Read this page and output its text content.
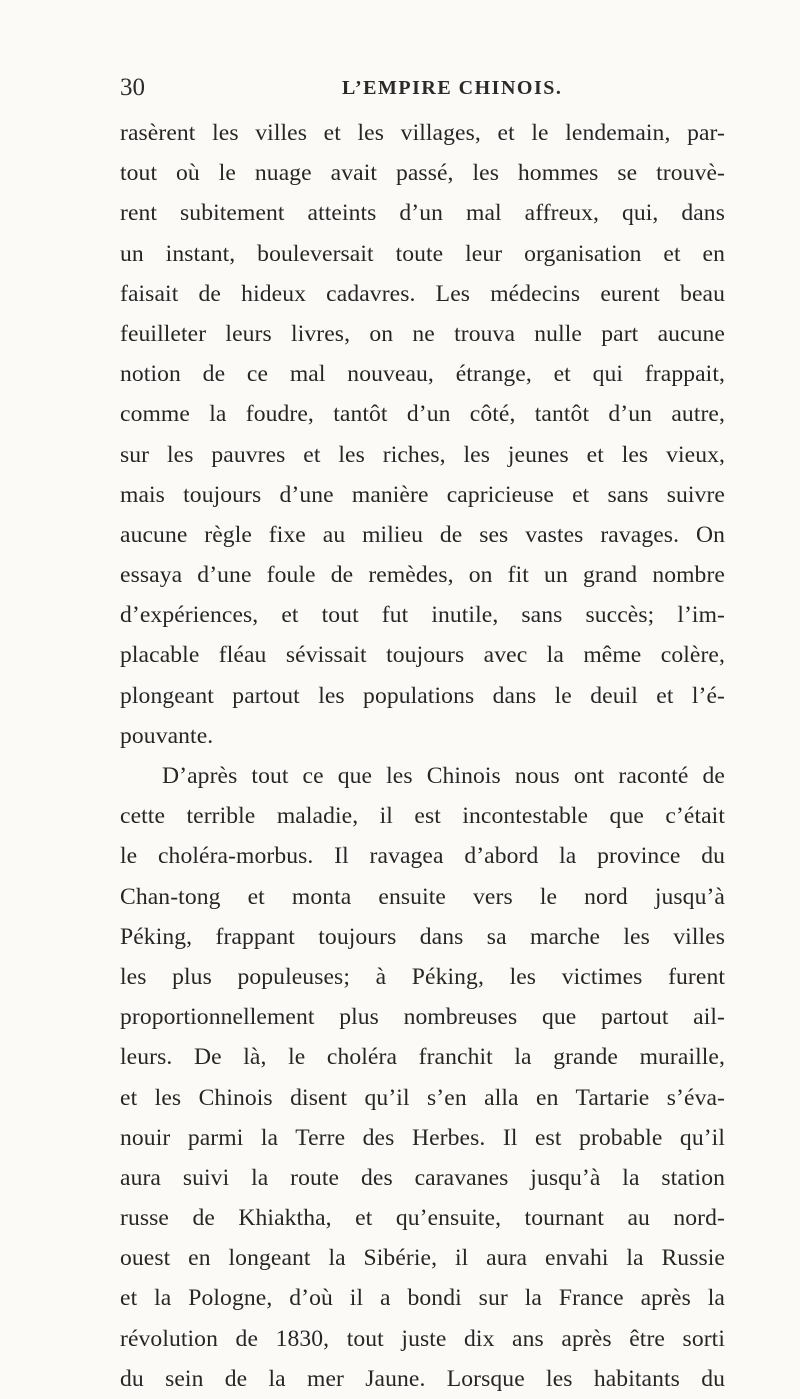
30	L’EMPIRE CHINOIS.
rasèrent les villes et les villages, et le lendemain, par-
tout où le nuage avait passé, les hommes se trouvè-
rent subitement atteints d’un mal affreux, qui, dans
un instant, bouleversait toute leur organisation et en
faisait de hideux cadavres. Les médecins eurent beau
feuilleter leurs livres, on ne trouva nulle part aucune
notion de ce mal nouveau, étrange, et qui frappait,
comme la foudre, tantôt d’un côté, tantôt d’un autre,
sur les pauvres et les riches, les jeunes et les vieux,
mais toujours d’une manière capricieuse et sans suivre
aucune règle fixe au milieu de ses vastes ravages. On
essaya d’une foule de remèdes, on fit un grand nombre
d’expériences, et tout fut inutile, sans succès; l’im-
placable fléau sévissait toujours avec la même colère,
plongeant partout les populations dans le deuil et l’é-
pouvante.
D’après tout ce que les Chinois nous ont raconté de
cette terrible maladie, il est incontestable que c’était
le choléra-morbus. Il ravagea d’abord la province du
Chan-tong et monta ensuite vers le nord jusqu’à
Péking, frappant toujours dans sa marche les villes
les plus populeuses; à Péking, les victimes furent
proportionnellement plus nombreuses que partout ail-
leurs. De là, le choléra franchit la grande muraille,
et les Chinois disent qu’il s’en alla en Tartarie s’éva-
nouir parmi la Terre des Herbes. Il est probable qu’il
aura suivi la route des caravanes jusqu’à la station
russe de Khiaktha, et qu’ensuite, tournant au nord-
ouest en longeant la Sibérie, il aura envahi la Russie
et la Pologne, d’où il a bondi sur la France après la
révolution de 1830, tout juste dix ans après être sorti
du sein de la mer Jaune. Lorsque les habitants du
